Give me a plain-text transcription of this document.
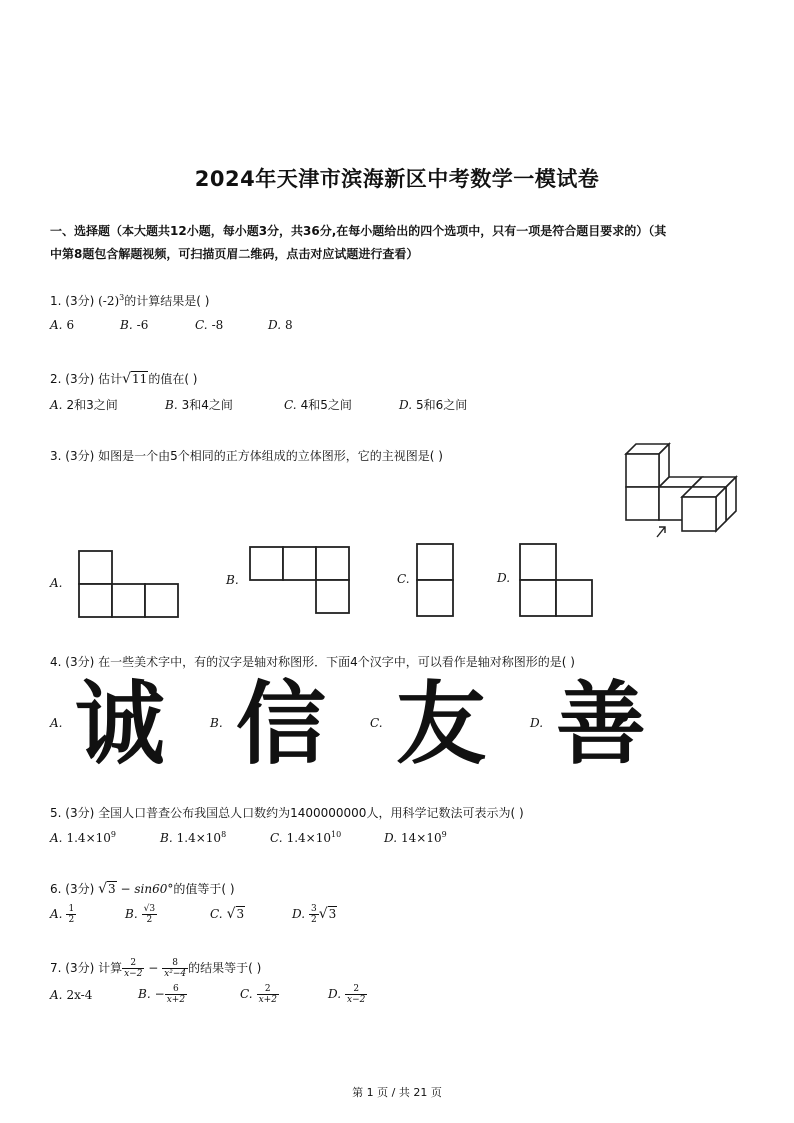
2024年天津市滨海新区中考数学一模试卷
一、选择题（本大题共12小题，每小题3分，共36分,在每小题给出的四个选项中，只有一项是符合题目要求的）（其
中第8题包含解题视频，可扫描页眉二维码，点击对应试题进行查看）
1. (3分) $(-2)^3$的计算结果是( )
A. 6	B. -6	C. -8	D. 8
2. (3分) 估计√11的值在( )
A. 2和3之间	B. 3和4之间	C. 4和5之间	D. 5和6之间
3. (3分) 如图是一个由5个相同的正方体组成的立体图形，它的主视图是( )
A.	B.	C.	D.
4. (3分) 在一些美术字中，有的汉字是轴对称图形．下面4个汉字中，可以看作是轴对称图形的是( )
A. 诚	B. 信	C. 友	D. 善
5. (3分) 全国人口普查公布我国总人口数约为1400000000人，用科学记数法可表示为( )
A. $1.4\times 10^9$	B. $1.4\times 10^8$	C. $1.4\times 10^{10}$	D. $14\times 10^9$
6. (3分) √3 − sin60°的值等于( )
A. $\frac{1}{2}$	B. $\frac{√3}{2}$	C. √3	D. $\frac{3}{2} √3$
7. (3分) 计算 $\frac{2}{x-2} - \frac{8}{\text{x²−4}}$ 的结果等于( )
A. 2x-4	B. − $\frac{6}{x+2}$	C. $\frac{2}{x+2}$	D. $\frac{2}{x-2}$
第 1 页 / 共 21 页
